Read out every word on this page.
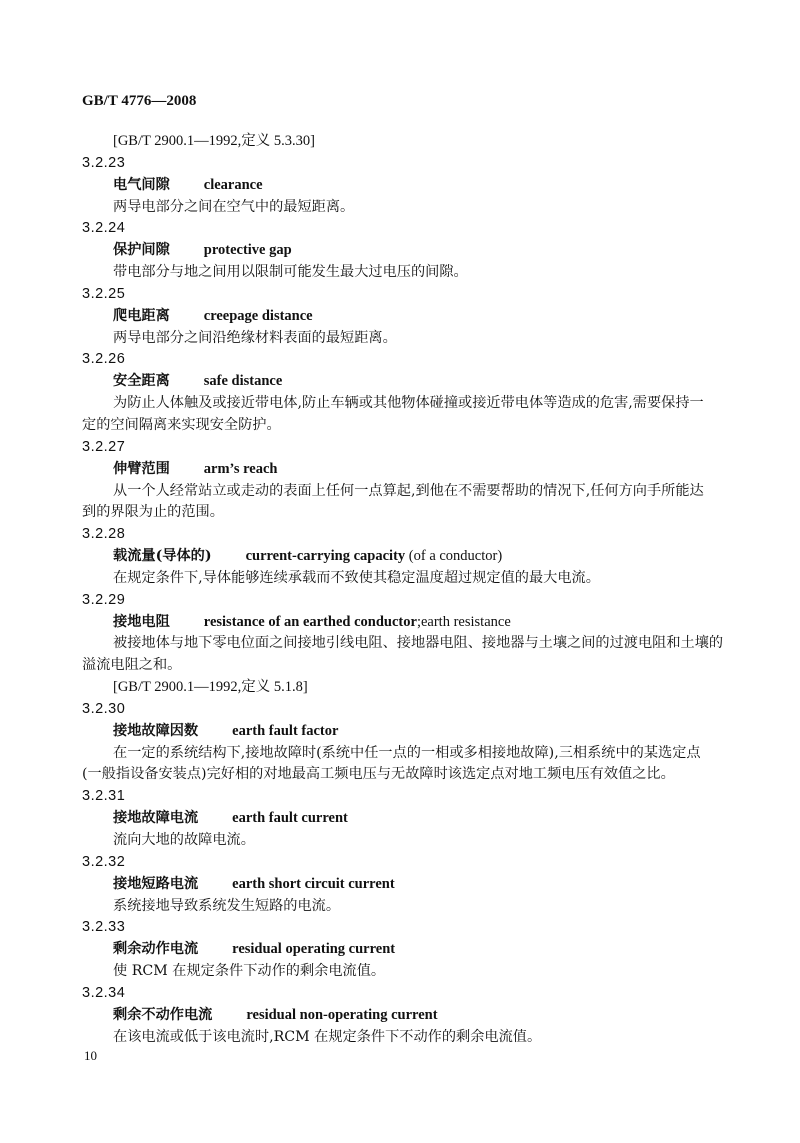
GB/T 4776—2008
[GB/T 2900.1—1992,定义 5.3.30]
3.2.23
电气间隙 clearance
两导电部分之间在空气中的最短距离。
3.2.24
保护间隙 protective gap
带电部分与地之间用以限制可能发生最大过电压的间隙。
3.2.25
爬电距离 creepage distance
两导电部分之间沿绝缘材料表面的最短距离。
3.2.26
安全距离 safe distance
为防止人体触及或接近带电体,防止车辆或其他物体碰撞或接近带电体等造成的危害,需要保持一
定的空间隔离来实现安全防护。
3.2.27
伸臂范围 arm’s reach
从一个人经常站立或走动的表面上任何一点算起,到他在不需要帮助的情况下,任何方向手所能达
到的界限为止的范围。
3.2.28
载流量(导体的) current-carrying capacity (of a conductor)
在规定条件下,导体能够连续承载而不致使其稳定温度超过规定值的最大电流。
3.2.29
接地电阻 resistance of an earthed conductor;earth resistance
被接地体与地下零电位面之间接地引线电阻、接地器电阻、接地器与土壤之间的过渡电阻和土壤的
溢流电阻之和。
[GB/T 2900.1—1992,定义 5.1.8]
3.2.30
接地故障因数 earth fault factor
在一定的系统结构下,接地故障时(系统中任一点的一相或多相接地故障),三相系统中的某选定点
(一般指设备安装点)完好相的对地最高工频电压与无故障时该选定点对地工频电压有效值之比。
3.2.31
接地故障电流 earth fault current
流向大地的故障电流。
3.2.32
接地短路电流 earth short circuit current
系统接地导致系统发生短路的电流。
3.2.33
剩余动作电流 residual operating current
使 RCM 在规定条件下动作的剩余电流值。
3.2.34
剩余不动作电流 residual non-operating current
在该电流或低于该电流时,RCM 在规定条件下不动作的剩余电流值。
10
